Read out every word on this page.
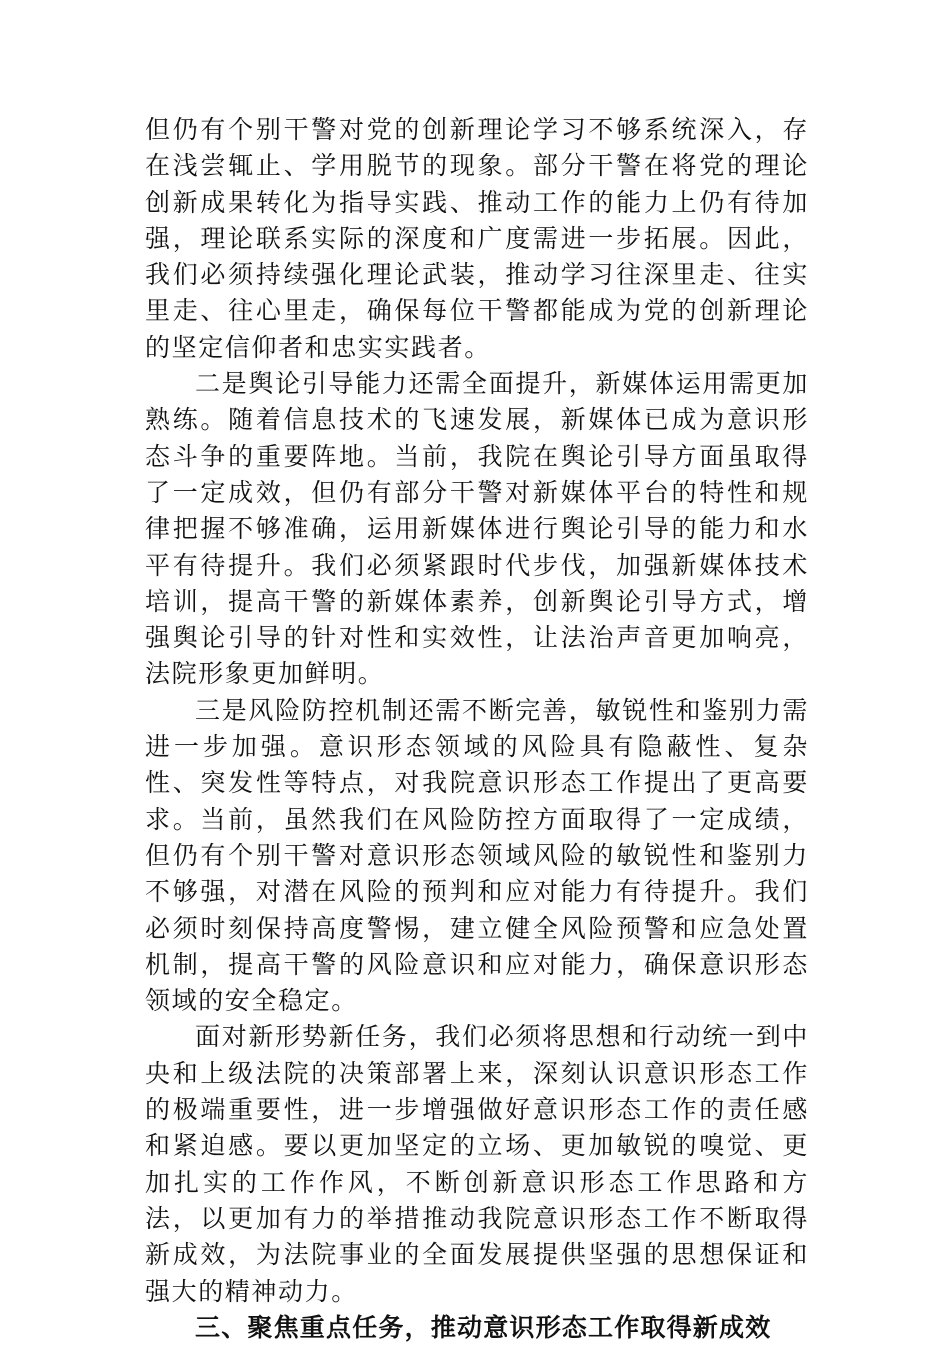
但仍有个别干警对党的创新理论学习不够系统深入，存在浅尝辄止、学用脱节的现象。部分干警在将党的理论创新成果转化为指导实践、推动工作的能力上仍有待加强，理论联系实际的深度和广度需进一步拓展。因此，我们必须持续强化理论武装，推动学习往深里走、往实里走、往心里走，确保每位干警都能成为党的创新理论的坚定信仰者和忠实实践者。

二是舆论引导能力还需全面提升，新媒体运用需更加熟练。随着信息技术的飞速发展，新媒体已成为意识形态斗争的重要阵地。当前，我院在舆论引导方面虽取得了一定成效，但仍有部分干警对新媒体平台的特性和规律把握不够准确，运用新媒体进行舆论引导的能力和水平有待提升。我们必须紧跟时代步伐，加强新媒体技术培训，提高干警的新媒体素养，创新舆论引导方式，增强舆论引导的针对性和实效性，让法治声音更加响亮，法院形象更加鲜明。

三是风险防控机制还需不断完善，敏锐性和鉴别力需进一步加强。意识形态领域的风险具有隐蔽性、复杂性、突发性等特点，对我院意识形态工作提出了更高要求。当前，虽然我们在风险防控方面取得了一定成绩，但仍有个别干警对意识形态领域风险的敏锐性和鉴别力不够强，对潜在风险的预判和应对能力有待提升。我们必须时刻保持高度警惕，建立健全风险预警和应急处置机制，提高干警的风险意识和应对能力，确保意识形态领域的安全稳定。

面对新形势新任务，我们必须将思想和行动统一到中央和上级法院的决策部署上来，深刻认识意识形态工作的极端重要性，进一步增强做好意识形态工作的责任感和紧迫感。要以更加坚定的立场、更加敏锐的嗅觉、更加扎实的工作作风，不断创新意识形态工作思路和方法，以更加有力的举措推动我院意识形态工作不断取得新成效，为法院事业的全面发展提供坚强的思想保证和强大的精神动力。

三、聚焦重点任务，推动意识形态工作取得新成效
